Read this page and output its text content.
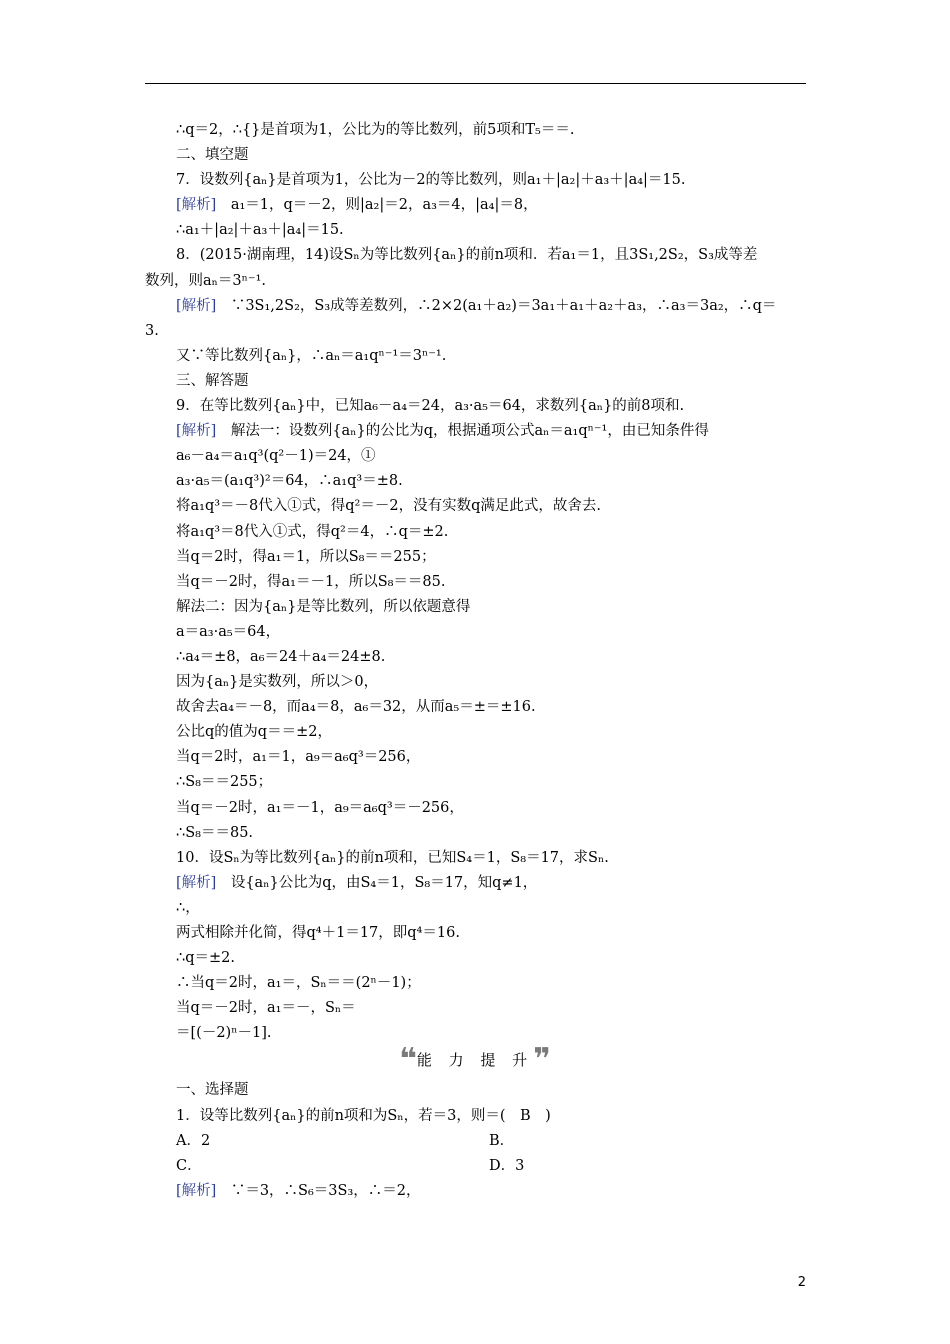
∴q＝2，∴{}是首项为1，公比为的等比数列，前5项和T₅＝＝.
二、填空题
7．设数列{aₙ}是首项为1，公比为－2的等比数列，则a₁＋|a₂|＋a₃＋|a₄|＝15.
[解析]　a₁＝1，q＝－2，则|a₂|＝2，a₃＝4，|a₄|＝8，
∴a₁＋|a₂|＋a₃＋|a₄|＝15.
8．(2015·湖南理，14)设Sₙ为等比数列{aₙ}的前n项和．若a₁＝1，且3S₁,2S₂，S₃成等差
数列，则aₙ＝3ⁿ⁻¹.
[解析]　∵3S₁,2S₂，S₃成等差数列，∴2×2(a₁＋a₂)＝3a₁＋a₁＋a₂＋a₃，∴a₃＝3a₂，∴q＝
3.
又∵等比数列{aₙ}，∴aₙ＝a₁qⁿ⁻¹＝3ⁿ⁻¹.
三、解答题
9．在等比数列{aₙ}中，已知a₆－a₄＝24，a₃·a₅＝64，求数列{aₙ}的前8项和.
[解析]　解法一：设数列{aₙ}的公比为q，根据通项公式aₙ＝a₁qⁿ⁻¹，由已知条件得
a₆－a₄＝a₁q³(q²－1)＝24，①
a₃·a₅＝(a₁q³)²＝64，∴a₁q³＝±8.
将a₁q³＝－8代入①式，得q²＝－2，没有实数q满足此式，故舍去.
将a₁q³＝8代入①式，得q²＝4，∴q＝±2.
当q＝2时，得a₁＝1，所以S₈＝＝255；
当q＝－2时，得a₁＝－1，所以S₈＝＝85.
解法二：因为{aₙ}是等比数列，所以依题意得
a＝a₃·a₅＝64，
∴a₄＝±8，a₆＝24＋a₄＝24±8.
因为{aₙ}是实数列，所以＞0，
故舍去a₄＝－8，而a₄＝8，a₆＝32，从而a₅＝±＝±16.
公比q的值为q＝＝±2，
当q＝2时，a₁＝1，a₉＝a₆q³＝256，
∴S₈＝＝255；
当q＝－2时，a₁＝－1，a₉＝a₆q³＝－256，
∴S₈＝＝85.
10．设Sₙ为等比数列{aₙ}的前n项和，已知S₄＝1，S₈＝17，求Sₙ.
[解析]　设{aₙ}公比为q，由S₄＝1，S₈＝17，知q≠1，
∴，
两式相除并化简，得q⁴＋1＝17，即q⁴＝16.
∴q＝±2.
∴当q＝2时，a₁＝，Sₙ＝＝(2ⁿ－1)；
当q＝－2时，a₁＝－，Sₙ＝
＝[(－2)ⁿ－1].
❝能 力 提 升❞
一、选择题
1．设等比数列{aₙ}的前n项和为Sₙ，若＝3，则＝(　B　)
A．2	B．
C．	D．3
[解析]　∵＝3，∴S₆＝3S₃，∴＝2，
2
